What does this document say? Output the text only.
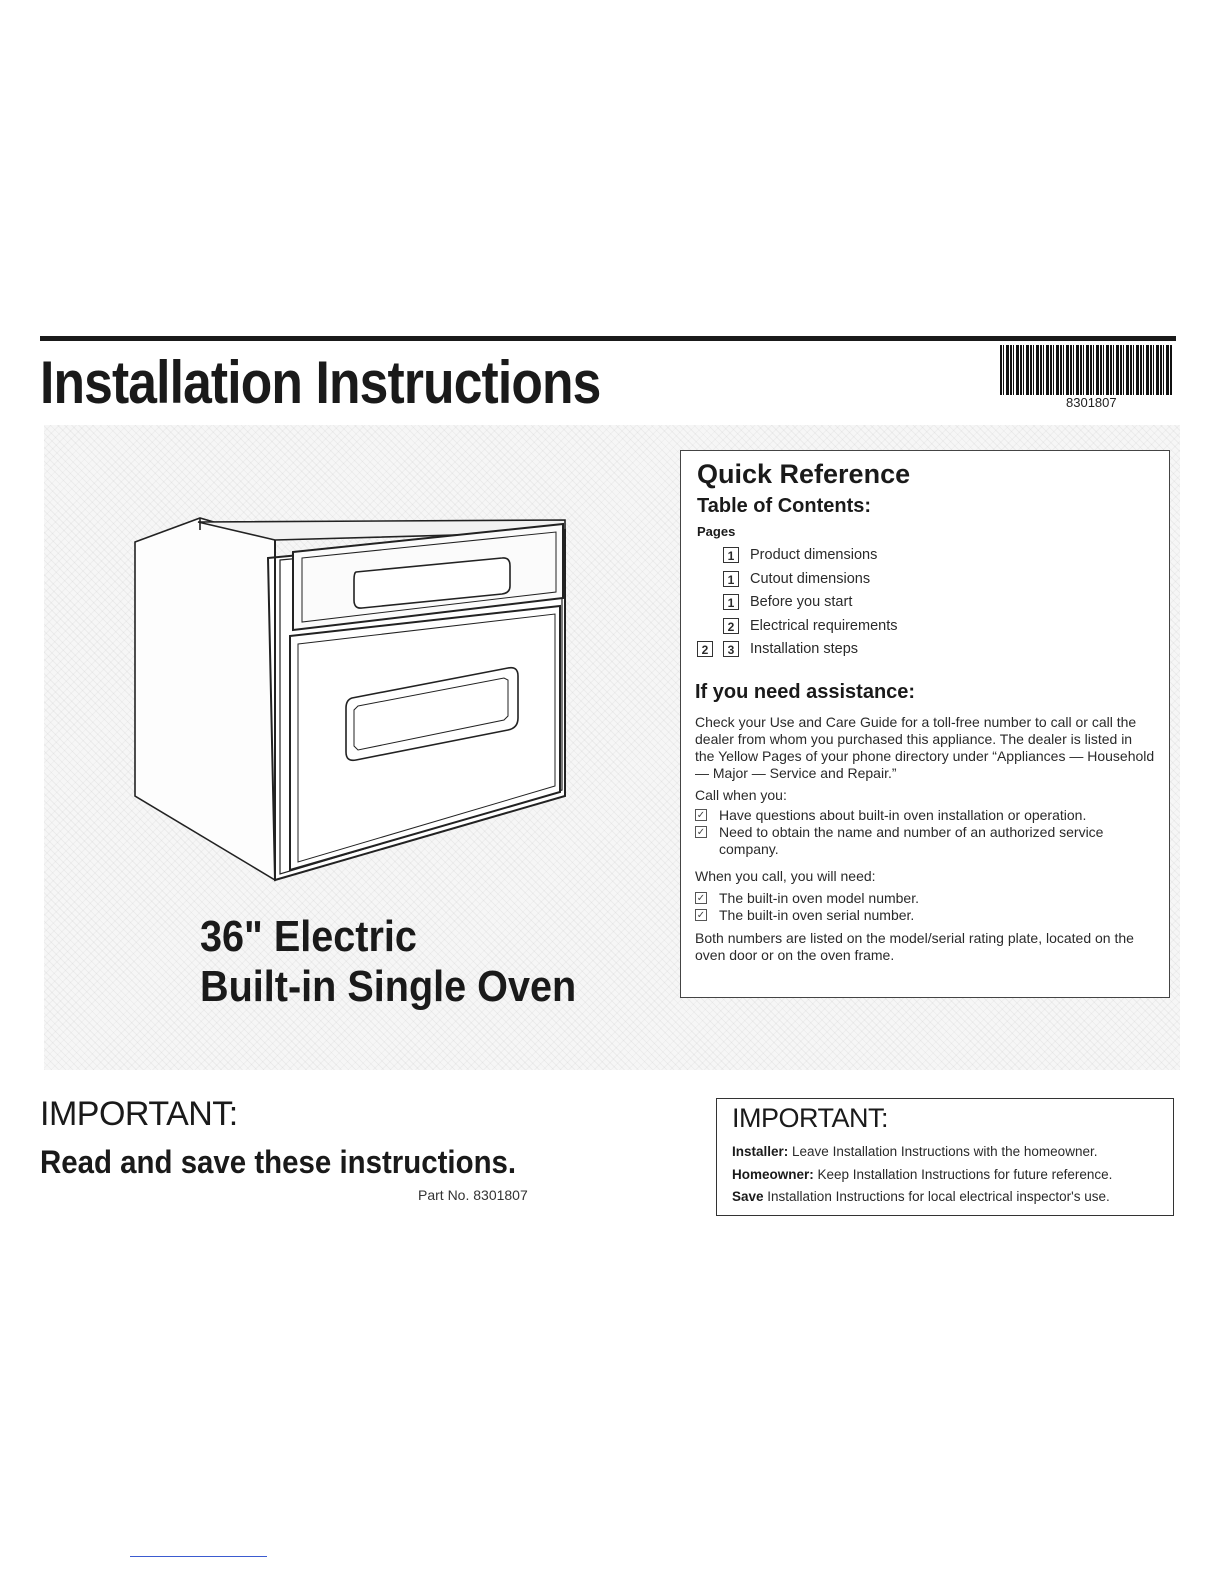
Installation Instructions	8301807
36" Electric
Built-in Single Oven
Quick Reference
Table of Contents:
Pages
1	Product dimensions
1	Cutout dimensions
1	Before you start
2	Electrical requirements
2	3	Installation steps
If you need assistance:

Check your Use and Care Guide for a toll-free number to call or call the dealer from whom you purchased this appliance. The dealer is listed in the Yellow Pages of your phone directory under “Appliances — Household — Major — Service and Repair.”

Call when you:

✓ Have questions about built-in oven installation or operation.
✓ Need to obtain the name and number of an authorized service company.

When you call, you will need:

✓ The built-in oven model number.
✓ The built-in oven serial number.

Both numbers are listed on the model/serial rating plate, located on the oven door or on the oven frame.

IMPORTANT:
Read and save these instructions.
Part No. 8301807
IMPORTANT:
Installer: Leave Installation Instructions with the homeowner.
Homeowner: Keep Installation Instructions for future reference.
Save Installation Instructions for local electrical inspector's use.
